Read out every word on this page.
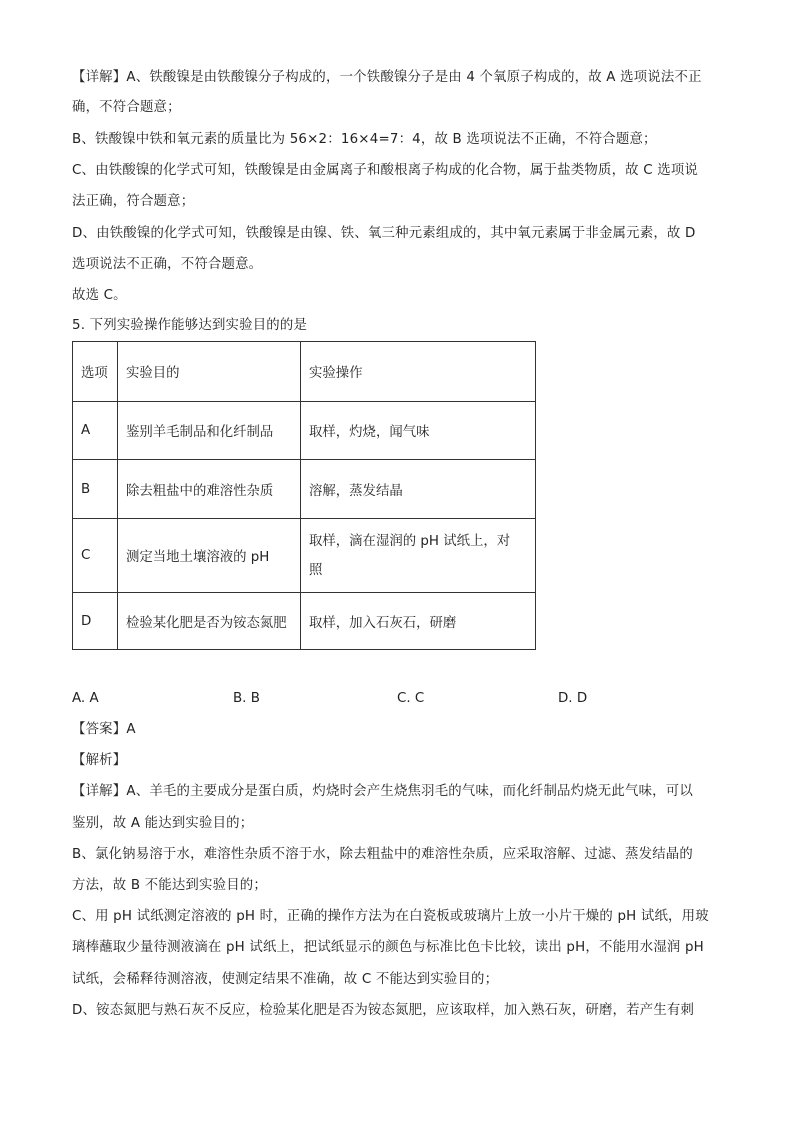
【详解】A、铁酸镍是由铁酸镍分子构成的，一个铁酸镍分子是由 4 个氧原子构成的，故 A 选项说法不正
确，不符合题意；
B、铁酸镍中铁和氧元素的质量比为 56×2：16×4=7：4，故 B 选项说法不正确，不符合题意；
C、由铁酸镍的化学式可知，铁酸镍是由金属离子和酸根离子构成的化合物，属于盐类物质，故 C 选项说
法正确，符合题意；
D、由铁酸镍的化学式可知，铁酸镍是由镍、铁、氧三种元素组成的，其中氧元素属于非金属元素，故 D
选项说法不正确，不符合题意。
故选 C。
5. 下列实验操作能够达到实验目的的是
选项	实验目的	实验操作
A	鉴别羊毛制品和化纤制品	取样，灼烧，闻气味
B	除去粗盐中的难溶性杂质	溶解，蒸发结晶
C	测定当地土壤溶液的 pH	取样，滴在湿润的 pH 试纸上，对
照
D	检验某化肥是否为铵态氮肥	取样，加入石灰石，研磨
A. A	B. B	C. C	D. D
【答案】A
【解析】
【详解】A、羊毛的主要成分是蛋白质，灼烧时会产生烧焦羽毛的气味，而化纤制品灼烧无此气味，可以
鉴别，故 A 能达到实验目的；
B、氯化钠易溶于水，难溶性杂质不溶于水，除去粗盐中的难溶性杂质，应采取溶解、过滤、蒸发结晶的
方法，故 B 不能达到实验目的；
C、用 pH 试纸测定溶液的 pH 时，正确的操作方法为在白瓷板或玻璃片上放一小片干燥的 pH 试纸，用玻
璃棒蘸取少量待测液滴在 pH 试纸上，把试纸显示的颜色与标准比色卡比较，读出 pH，不能用水湿润 pH
试纸，会稀释待测溶液，使测定结果不准确，故 C 不能达到实验目的；
D、铵态氮肥与熟石灰不反应，检验某化肥是否为铵态氮肥，应该取样，加入熟石灰，研磨，若产生有刺
